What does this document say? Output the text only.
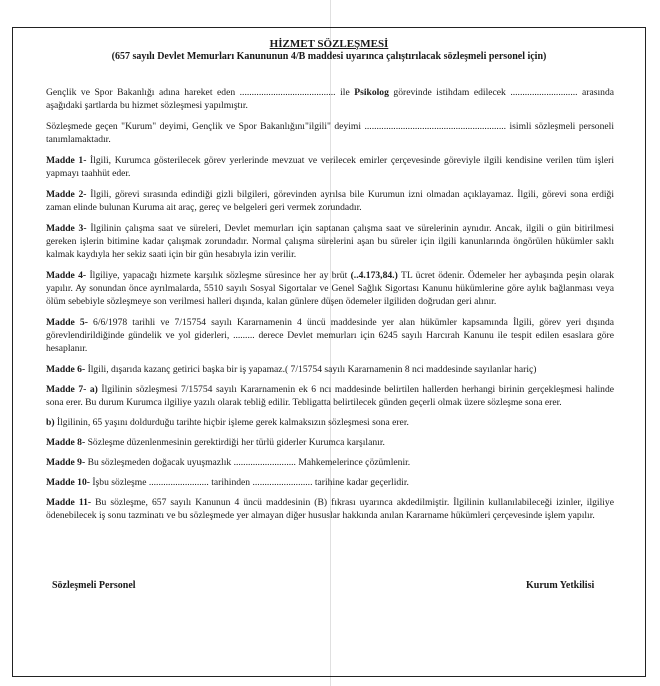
HİZMET SÖZLEŞMESİ
(657 sayılı Devlet Memurları Kanununun 4/B maddesi uyarınca çalıştırılacak sözleşmeli personel için)

Gençlik ve Spor Bakanlığı adına hareket eden ........................................ ile Psikolog görevinde istihdam edilecek ............................ arasında aşağıdaki şartlarda bu hizmet sözleşmesi yapılmıştır.

Sözleşmede geçen "Kurum" deyimi, Gençlik ve Spor Bakanlığını"ilgili" deyimi ........................................................... isimli sözleşmeli personeli tanımlamaktadır.

Madde 1- İlgili, Kurumca gösterilecek görev yerlerinde mevzuat ve verilecek emirler çerçevesinde göreviyle ilgili kendisine verilen tüm işleri yapmayı taahhüt eder.

Madde 2- İlgili, görevi sırasında edindiği gizli bilgileri, görevinden ayrılsa bile Kurumun izni olmadan açıklayamaz. İlgili, görevi sona erdiği zaman elinde bulunan Kuruma ait araç, gereç ve belgeleri geri vermek zorundadır.

Madde 3- İlgilinin çalışma saat ve süreleri, Devlet memurları için saptanan çalışma saat ve sürelerinin aynıdır. Ancak, ilgili o gün bitirilmesi gereken işlerin bitimine kadar çalışmak zorundadır. Normal çalışma sürelerini aşan bu süreler için ilgili kanunlarında öngörülen hükümler saklı kalmak kaydıyla her sekiz saati için bir gün hesabıyla izin verilir.

Madde 4- İlgiliye, yapacağı hizmete karşılık sözleşme süresince her ay brüt (..4.173,84.) TL ücret ödenir. Ödemeler her aybaşında peşin olarak yapılır. Ay sonundan önce ayrılmalarda, 5510 sayılı Sosyal Sigortalar ve Genel Sağlık Sigortası Kanunu hükümlerine göre aylık bağlanması veya ölüm sebebiyle sözleşmeye son verilmesi halleri dışında, kalan günlere düşen ödemeler ilgiliden doğrudan geri alınır.

Madde 5- 6/6/1978 tarihli ve 7/15754 sayılı Kararnamenin 4 üncü maddesinde yer alan hükümler kapsamında İlgili, görev yeri dışında görevlendirildiğinde gündelik ve yol giderleri, ......... derece Devlet memurları için 6245 sayılı Harcırah Kanunu ile tespit edilen esaslara göre hesaplanır.

Madde 6- İlgili, dışarıda kazanç getirici başka bir iş yapamaz.( 7/15754 sayılı Kararnamenin 8 nci maddesinde sayılanlar hariç)

Madde 7- a) İlgilinin sözleşmesi 7/15754 sayılı Kararnamenin ek 6 ncı maddesinde belirtilen hallerden herhangi birinin gerçekleşmesi halinde sona erer. Bu durum Kurumca ilgiliye yazılı olarak tebliğ edilir. Tebligatta belirtilecek günden geçerli olmak üzere sözleşme sona erer.

b) İlgilinin, 65 yaşını doldurduğu tarihte hiçbir işleme gerek kalmaksızın sözleşmesi sona erer.

Madde 8- Sözleşme düzenlenmesinin gerektirdiği her türlü giderler Kurumca karşılanır.

Madde 9- Bu sözleşmeden doğacak uyuşmazlık .......................... Mahkemelerince çözümlenir.

Madde 10- İşbu sözleşme ......................... tarihinden ......................... tarihine kadar geçerlidir.

Madde 11- Bu sözleşme, 657 sayılı Kanunun 4 üncü maddesinin (B) fıkrası uyarınca akdedilmiştir. İlgilinin kullanılabileceği izinler, ilgiliye ödenebilecek iş sonu tazminatı ve bu sözleşmede yer almayan diğer hususlar hakkında anılan Kararname hükümleri çerçevesinde işlem yapılır.

Sözleşmeli Personel	Kurum Yetkilisi
